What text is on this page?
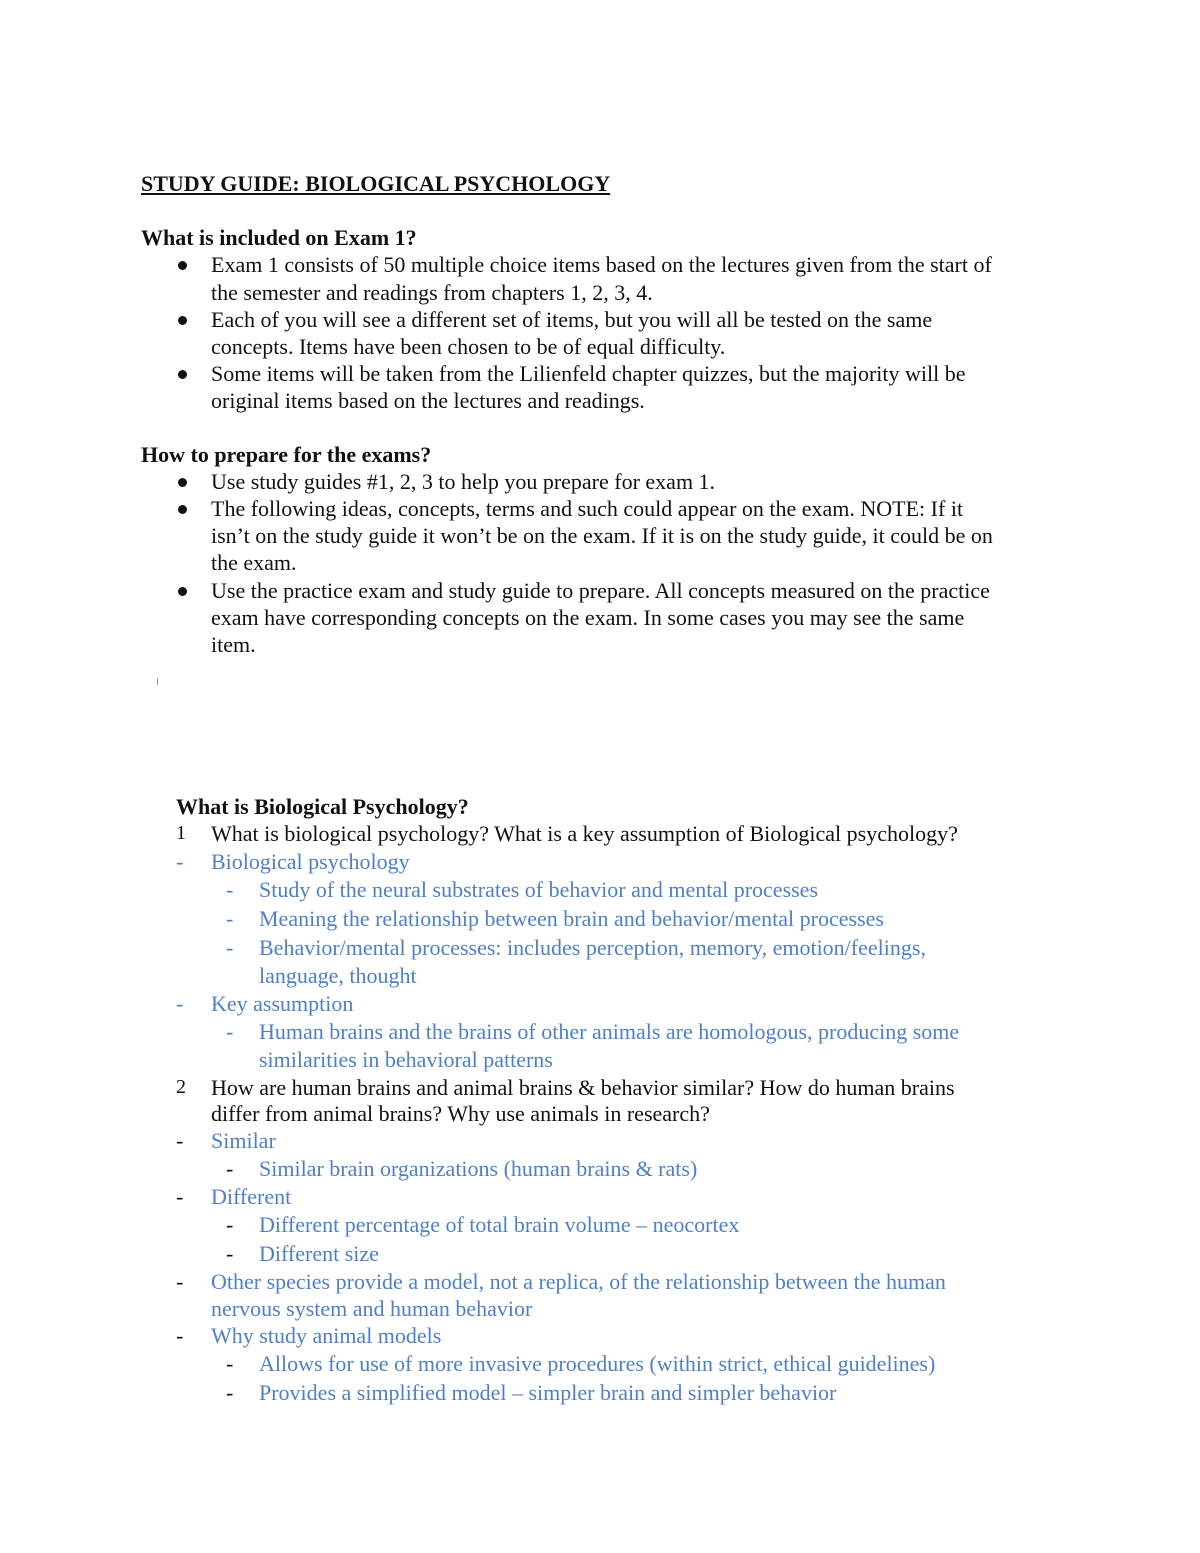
STUDY GUIDE: BIOLOGICAL PSYCHOLOGY
What is included on Exam 1?
Exam 1 consists of 50 multiple choice items based on the lectures given from the start of
the semester and readings from chapters 1, 2, 3, 4.
Each of you will see a different set of items, but you will all be tested on the same
concepts. Items have been chosen to be of equal difficulty.
Some items will be taken from the Lilienfeld chapter quizzes, but the majority will be
original items based on the lectures and readings.
How to prepare for the exams?
Use study guides #1, 2, 3 to help you prepare for exam 1.
The following ideas, concepts, terms and such could appear on the exam. NOTE: If it
isn’t on the study guide it won’t be on the exam. If it is on the study guide, it could be on
the exam.
Use the practice exam and study guide to prepare. All concepts measured on the practice
exam have corresponding concepts on the exam. In some cases you may see the same
item.
What is Biological Psychology?
1 What is biological psychology? What is a key assumption of Biological psychology?
- Biological psychology
- Study of the neural substrates of behavior and mental processes
- Meaning the relationship between brain and behavior/mental processes
- Behavior/mental processes: includes perception, memory, emotion/feelings,
language, thought
- Key assumption
- Human brains and the brains of other animals are homologous, producing some
similarities in behavioral patterns
2 How are human brains and animal brains & behavior similar? How do human brains
differ from animal brains? Why use animals in research?
- Similar
- Similar brain organizations (human brains & rats)
- Different
- Different percentage of total brain volume – neocortex
- Different size
- Other species provide a model, not a replica, of the relationship between the human
nervous system and human behavior
- Why study animal models
- Allows for use of more invasive procedures (within strict, ethical guidelines)
- Provides a simplified model – simpler brain and simpler behavior
